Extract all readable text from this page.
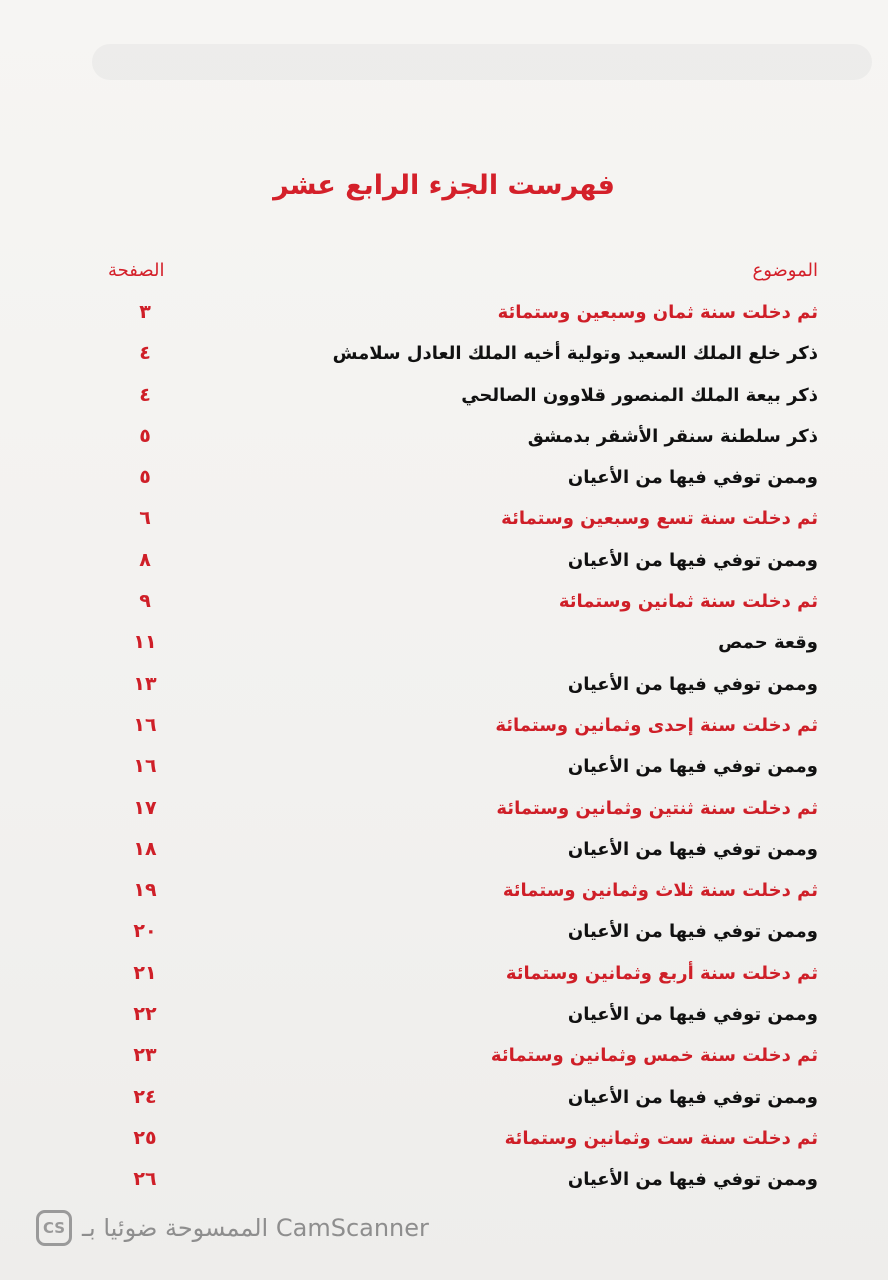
فهرست الجزء الرابع عشر
الموضوع
الصفحة
ثم دخلت سنة ثمان وسبعين وستمائة
٣
ذكر خلع الملك السعيد وتولية أخيه الملك العادل سلامش
٤
ذكر بيعة الملك المنصور قلاوون الصالحي
٤
ذكر سلطنة سنقر الأشقر بدمشق
٥
وممن توفي فيها من الأعيان
٥
ثم دخلت سنة تسع وسبعين وستمائة
٦
وممن توفي فيها من الأعيان
٨
ثم دخلت سنة ثمانين وستمائة
٩
وقعة حمص
١١
وممن توفي فيها من الأعيان
١٣
ثم دخلت سنة إحدى وثمانين وستمائة
١٦
وممن توفي فيها من الأعيان
١٦
ثم دخلت سنة ثنتين وثمانين وستمائة
١٧
وممن توفي فيها من الأعيان
١٨
ثم دخلت سنة ثلاث وثمانين وستمائة
١٩
وممن توفي فيها من الأعيان
٢٠
ثم دخلت سنة أربع وثمانين وستمائة
٢١
وممن توفي فيها من الأعيان
٢٢
ثم دخلت سنة خمس وثمانين وستمائة
٢٣
وممن توفي فيها من الأعيان
٢٤
ثم دخلت سنة ست وثمانين وستمائة
٢٥
وممن توفي فيها من الأعيان
٢٦
CS الممسوحة ضوئيا بـ CamScanner
